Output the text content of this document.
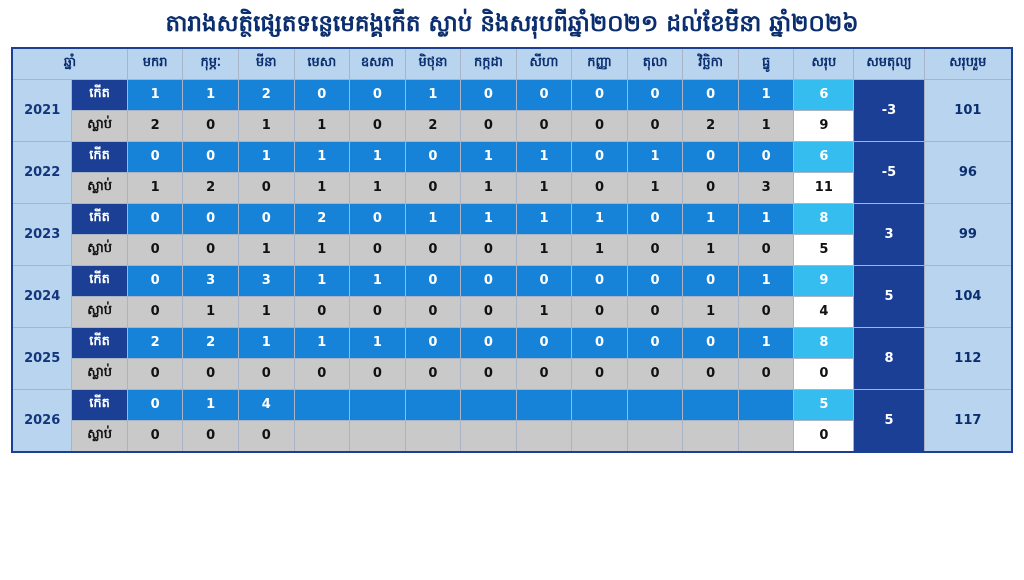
តារាងសត្ថិផ្សេតទន្លេមេគង្គកើត ស្លាប់ និងសរុបពីឆ្នាំ២០២១ ដល់ខែមីនា ឆ្នាំ២០២៦
ឆ្នាំ		មករា	កុម្ភៈ	មីនា	មេសា	ឧសភា	មិថុនា	កក្កដា	សីហា	កញ្ញា	តុលា	វិច្ឆិកា	ធ្នូ	សរុប	សមតុល្យ	សរុបរួម
2021	កើត	1	1	2	0	0	1	0	0	0	0	0	1	6	-3	101
	ស្លាប់	2	0	1	1	0	2	0	0	0	0	2	1	9		
2022	កើត	0	0	1	1	1	0	1	1	0	1	0	0	6	-5	96
	ស្លាប់	1	2	0	1	1	0	1	1	0	1	0	3	11		
2023	កើត	0	0	0	2	0	1	1	1	1	0	1	1	8	3	99
	ស្លាប់	0	0	1	1	0	0	0	1	1	0	1	0	5		
2024	កើត	0	3	3	1	1	0	0	0	0	0	0	1	9	5	104
	ស្លាប់	0	1	1	0	0	0	0	1	0	0	1	0	4		
2025	កើត	2	2	1	1	1	0	0	0	0	0	0	1	8	8	112
	ស្លាប់	0	0	0	0	0	0	0	0	0	0	0	0	0		
2026	កើត	0	1	4										5	5	117
	ស្លាប់	0	0	0										0		
